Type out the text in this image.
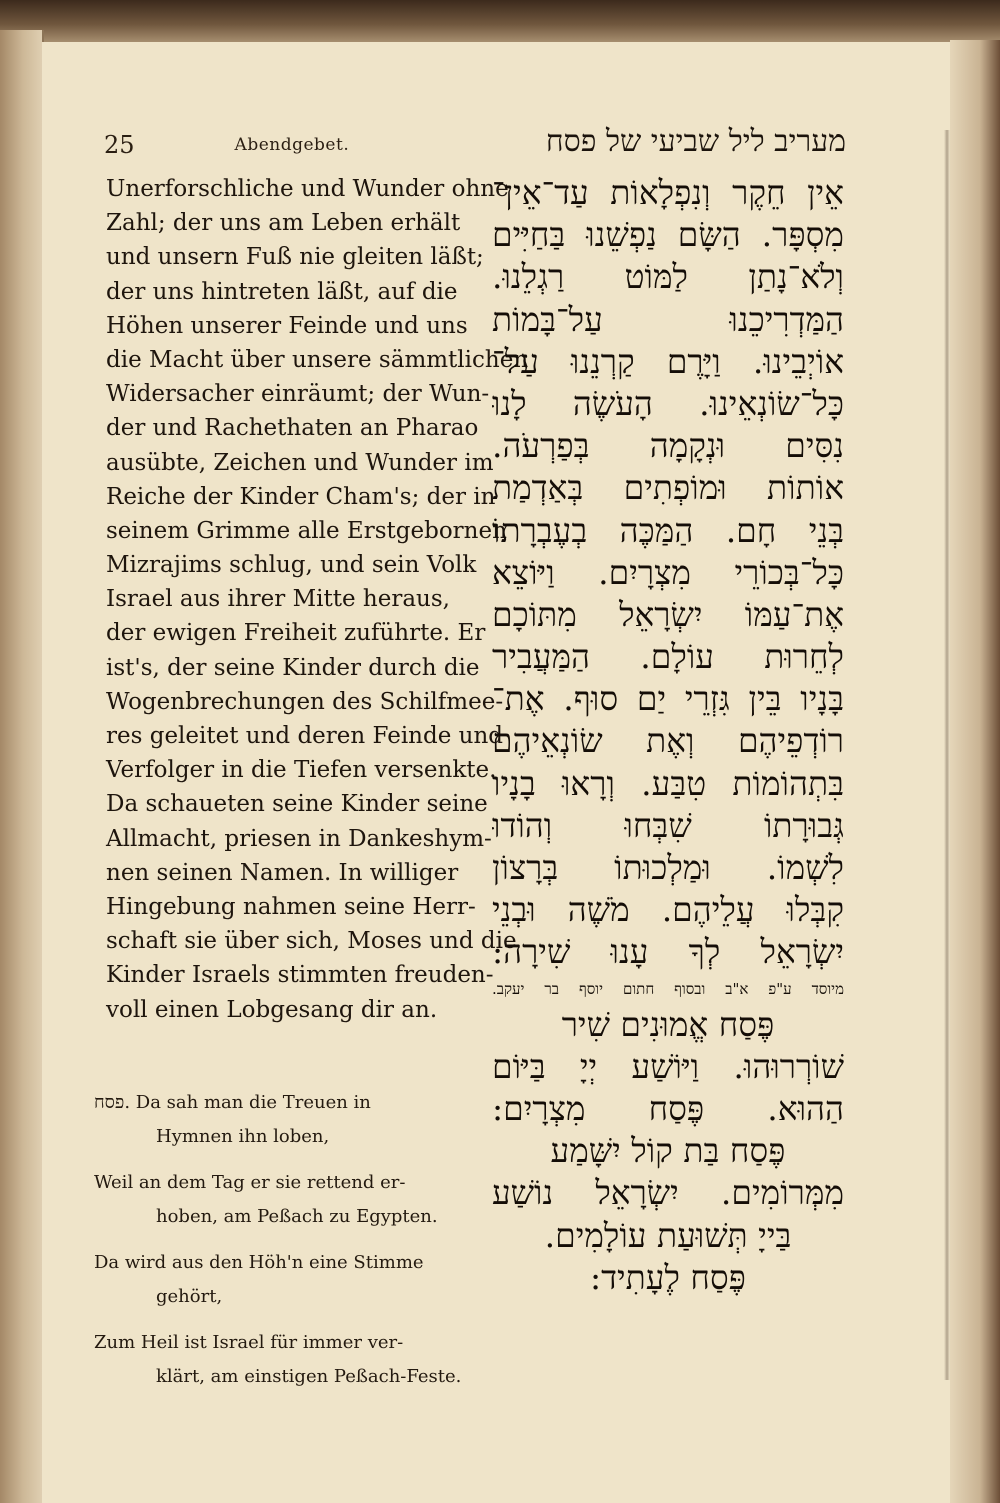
25	Abendgebet.	מעריב ליל שביעי של פסח
Unerforschliche und Wunder ohne
Zahl; der uns am Leben erhält
und unsern Fuß nie gleiten läßt;
der uns hintreten läßt, auf die
Höhen unserer Feinde und uns
die Macht über unsere sämmtlichen
Widersacher einräumt; der Wun-
der und Rachethaten an Pharao
ausübte, Zeichen und Wunder im
Reiche der Kinder Cham's; der in
seinem Grimme alle Erstgebornen
Mizrajims schlug, und sein Volk
Israel aus ihrer Mitte heraus,
der ewigen Freiheit zuführte. Er
ist's, der seine Kinder durch die
Wogenbrechungen des Schilfmee-
res geleitet und deren Feinde und
Verfolger in die Tiefen versenkte.
Da schaueten seine Kinder seine
Allmacht, priesen in Dankeshym-
nen seinen Namen. In williger
Hingebung nahmen seine Herr-
schaft sie über sich, Moses und die
Kinder Israels stimmten freuden-
voll einen Lobgesang dir an.
פסח. Da sah man die Treuen in
Hymnen ihn loben,
Weil an dem Tag er sie rettend er-
hoben, am Peßach zu Egypten.
Da wird aus den Höh'n eine Stimme
gehört,
Zum Heil ist Israel für immer ver-
klärt, am einstigen Peßach-Feste.
אֵין חֵקֶר וְנִפְלָאוֹת עַד־אֵין־
מִסְפָּר. הַשָּׂם נַפְשֵׁנוּ בַּחַיִּים
וְלֹא־נָתַן לַמּוֹט רַגְלֵנוּ.
הַמַּדְרִיכֵנוּ עַל־בָּמוֹת
אוֹיְבֵינוּ. וַיָּרֶם קַרְנֵנוּ עַל־
כָּל־שׂוֹנְאֵינוּ. הָעֹשֶׂה לָנוּ
נִסִּים וּנְקָמָה בְּפַרְעֹה.
אוֹתוֹת וּמוֹפְתִים בְּאַדְמַת
בְּנֵי חָם. הַמַּכֶּה בְעֶבְרָתוֹ
כָּל־בְּכוֹרֵי מִצְרָיִם. וַיּוֹצֵא
אֶת־עַמּוֹ יִשְׂרָאֵל מִתּוֹכָם
לְחֵרוּת עוֹלָם. הַמַּעֲבִיר
בָּנָיו בֵּין גִּזְרֵי יַם סוּף. אֶת־
רוֹדְפֵיהֶם וְאֶת שׂוֹנְאֵיהֶם
בִּתְהוֹמוֹת טִבַּע. וְרָאוּ בָנָיו
גְּבוּרָתוֹ שִׁבְּחוּ וְהוֹדוּ
לִשְׁמוֹ. וּמַלְכוּתוֹ בְּרָצוֹן
קִבְּלוּ עֲלֵיהֶם. מֹשֶׁה וּבְנֵי
יִשְׂרָאֵל לְךָ עָנוּ שִׁירָה:
מיוסד ע"פ א"ב ובסוף חתום יוסף בר יעקב.
פֶּסַח אֱמוּנִים שִׁיר
שׁוֹרְרוּהוּ. וַיּוֹשַׁע יְיָ בַּיּוֹם
הַהוּא. פֶּסַח מִצְרָיִם:
פֶּסַח בַּת קוֹל יִשָּׁמַע
מִמְּרוֹמִים. יִשְׂרָאֵל נוֹשַׁע
בַּייָ תְּשׁוּעַת עוֹלָמִים.
פֶּסַח לֶעָתִיד:
